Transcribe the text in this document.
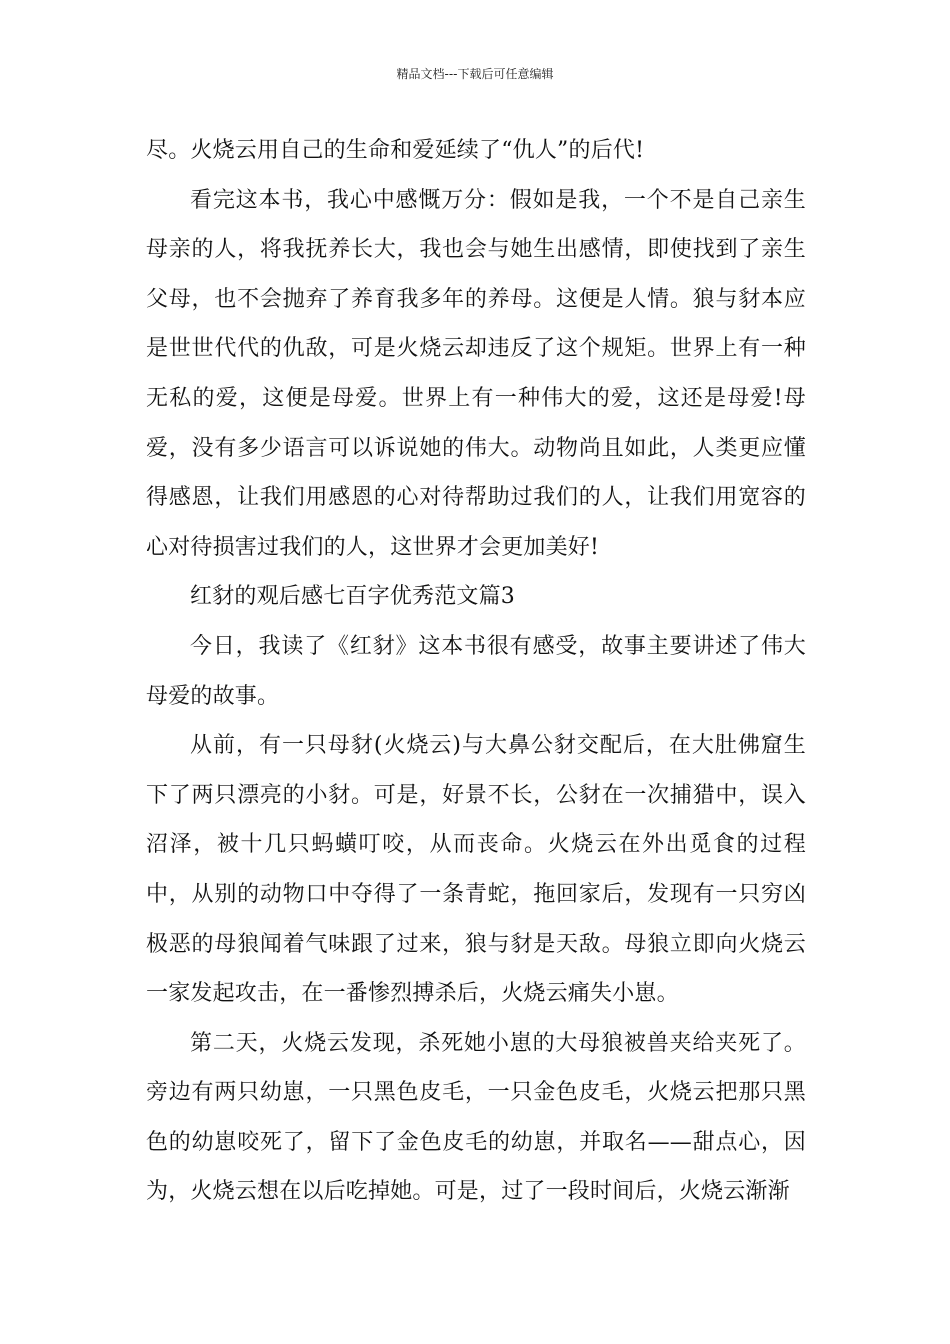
精品文档---下载后可任意编辑

尽。火烧云用自己的生命和爱延续了“仇人”的后代!

看完这本书，我心中感慨万分：假如是我，一个不是自己亲生母亲的人，将我抚养长大，我也会与她生出感情，即使找到了亲生父母，也不会抛弃了养育我多年的养母。这便是人情。狼与豺本应是世世代代的仇敌，可是火烧云却违反了这个规矩。世界上有一种无私的爱，这便是母爱。世界上有一种伟大的爱，这还是母爱!母爱，没有多少语言可以诉说她的伟大。动物尚且如此，人类更应懂得感恩，让我们用感恩的心对待帮助过我们的人，让我们用宽容的心对待损害过我们的人，这世界才会更加美好!

红豺的观后感七百字优秀范文篇3

今日，我读了《红豺》这本书很有感受，故事主要讲述了伟大母爱的故事。

从前，有一只母豺(火烧云)与大鼻公豺交配后，在大肚佛窟生下了两只漂亮的小豺。可是，好景不长，公豺在一次捕猎中，误入沼泽，被十几只蚂蟥叮咬，从而丧命。火烧云在外出觅食的过程中，从别的动物口中夺得了一条青蛇，拖回家后，发现有一只穷凶极恶的母狼闻着气味跟了过来，狼与豺是天敌。母狼立即向火烧云一家发起攻击，在一番惨烈搏杀后，火烧云痛失小崽。

第二天，火烧云发现，杀死她小崽的大母狼被兽夹给夹死了。旁边有两只幼崽，一只黑色皮毛，一只金色皮毛，火烧云把那只黑色的幼崽咬死了，留下了金色皮毛的幼崽，并取名——甜点心，因为，火烧云想在以后吃掉她。可是，过了一段时间后，火烧云渐渐
